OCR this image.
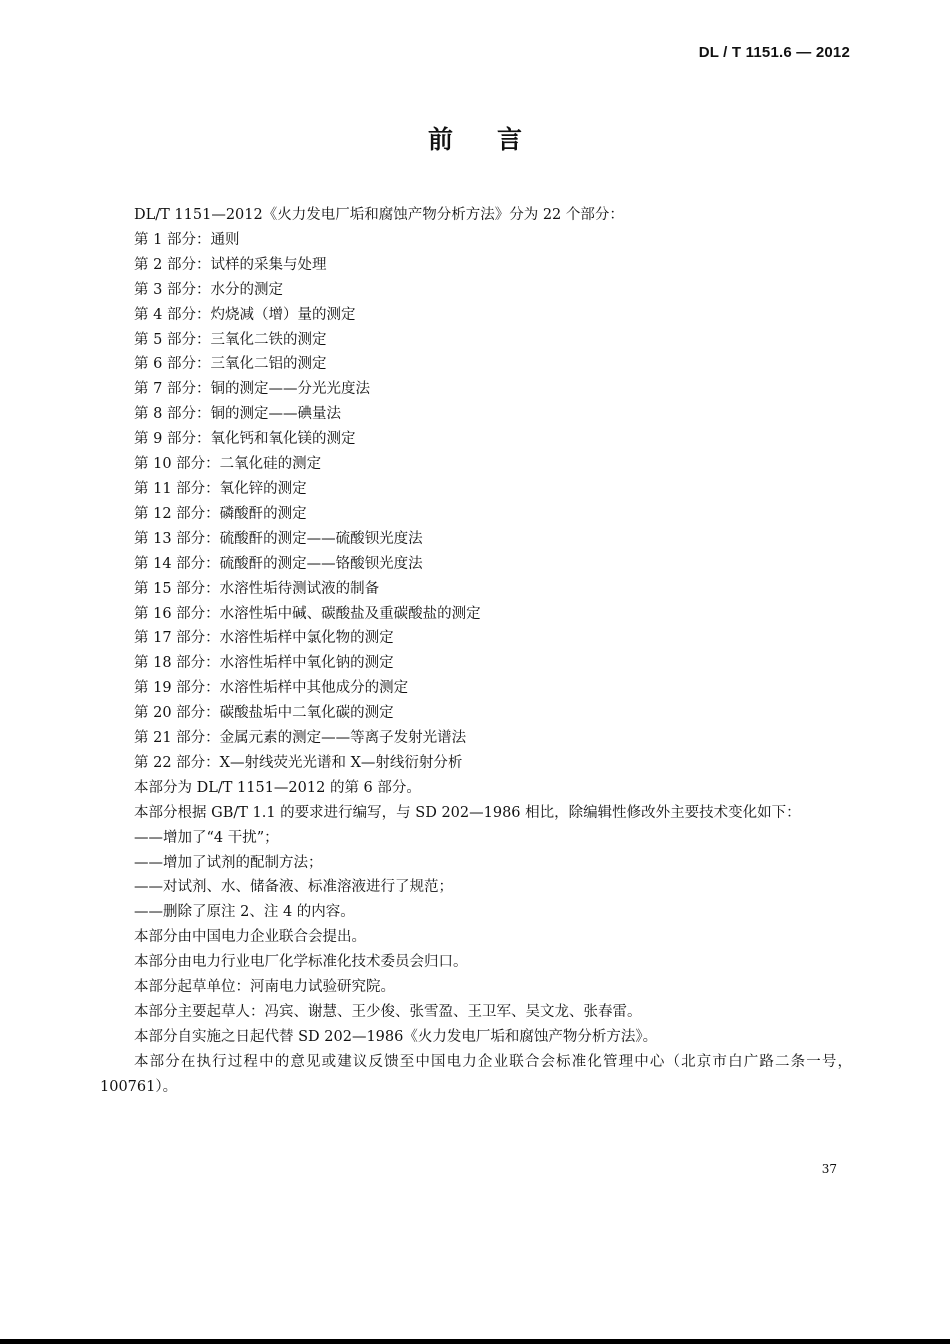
DL / T 1151.6 — 2012
前言

DL/T 1151—2012《火力发电厂垢和腐蚀产物分析方法》分为 22 个部分：

第 1 部分：通则

第 2 部分：试样的采集与处理

第 3 部分：水分的测定

第 4 部分：灼烧减（增）量的测定

第 5 部分：三氧化二铁的测定

第 6 部分：三氧化二铝的测定

第 7 部分：铜的测定——分光光度法

第 8 部分：铜的测定——碘量法

第 9 部分：氧化钙和氧化镁的测定

第 10 部分：二氧化硅的测定

第 11 部分：氧化锌的测定

第 12 部分：磷酸酐的测定

第 13 部分：硫酸酐的测定——硫酸钡光度法

第 14 部分：硫酸酐的测定——铬酸钡光度法

第 15 部分：水溶性垢待测试液的制备

第 16 部分：水溶性垢中碱、碳酸盐及重碳酸盐的测定

第 17 部分：水溶性垢样中氯化物的测定

第 18 部分：水溶性垢样中氧化钠的测定

第 19 部分：水溶性垢样中其他成分的测定

第 20 部分：碳酸盐垢中二氧化碳的测定

第 21 部分：金属元素的测定——等离子发射光谱法

第 22 部分：X—射线荧光光谱和 X—射线衍射分析

本部分为 DL/T 1151—2012 的第 6 部分。

本部分根据 GB/T 1.1 的要求进行编写，与 SD 202—1986 相比，除编辑性修改外主要技术变化如下：

——增加了“4 干扰”；

——增加了试剂的配制方法；

——对试剂、水、储备液、标准溶液进行了规范；

——删除了原注 2、注 4 的内容。

本部分由中国电力企业联合会提出。

本部分由电力行业电厂化学标准化技术委员会归口。

本部分起草单位：河南电力试验研究院。

本部分主要起草人：冯宾、谢慧、王少俊、张雪盈、王卫军、吴文龙、张春雷。

本部分自实施之日起代替 SD 202—1986《火力发电厂垢和腐蚀产物分析方法》。

本部分在执行过程中的意见或建议反馈至中国电力企业联合会标准化管理中心（北京市白广路二条一号，100761）。

37
